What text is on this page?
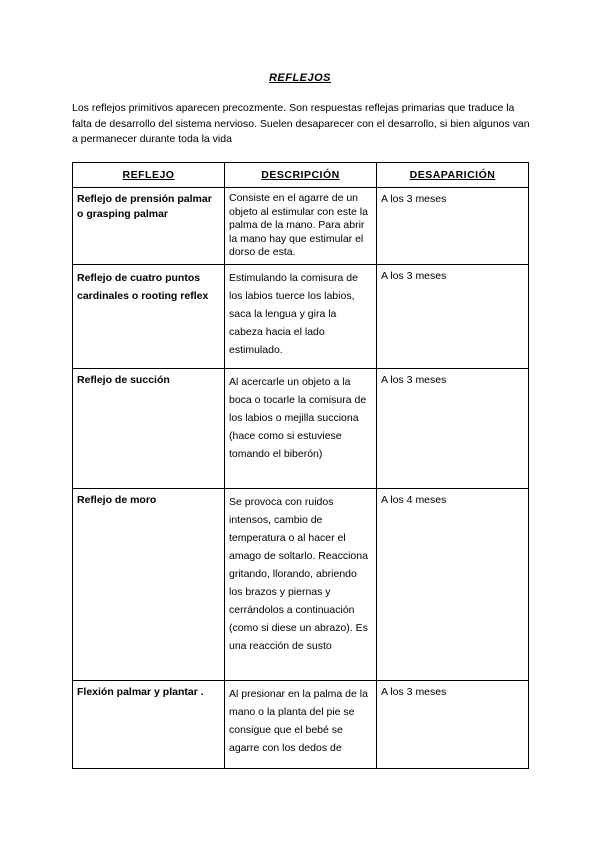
REFLEJOS
Los reflejos primitivos aparecen precozmente. Son respuestas reflejas primarias que traduce la falta de desarrollo del sistema nervioso. Suelen desaparecer con el desarrollo, si bien algunos van a permanecer durante toda la vida
REFLEJO	DESCRIPCIÓN	DESAPARICIÓN
Reflejo de prensión palmar o grasping palmar	Consiste en el agarre de un objeto al estimular con este la palma de la mano. Para abrir la mano hay que estimular el dorso de esta.	A los 3 meses
Reflejo de cuatro puntos cardinales o rooting reflex	Estimulando la comisura de los labios tuerce los labios, saca la lengua y gira la cabeza hacia el lado estimulado.	A los 3 meses
Reflejo de succión	Al acercarle un objeto a la boca o tocarle la comisura de los labios o mejilla succiona (hace como si estuviese tomando el biberón)	A los 3 meses
Reflejo de moro	Se provoca con ruidos intensos, cambio de temperatura o al hacer el amago de soltarlo. Reacciona gritando, llorando, abriendo los brazos y piernas y cerrándolos a continuación (como si diese un abrazo). Es una reacción de susto	A los 4 meses
Flexión palmar y plantar .	Al presionar en la palma de la mano o la planta del pie se consigue que el bebé se agarre con los dedos de	A los 3 meses
